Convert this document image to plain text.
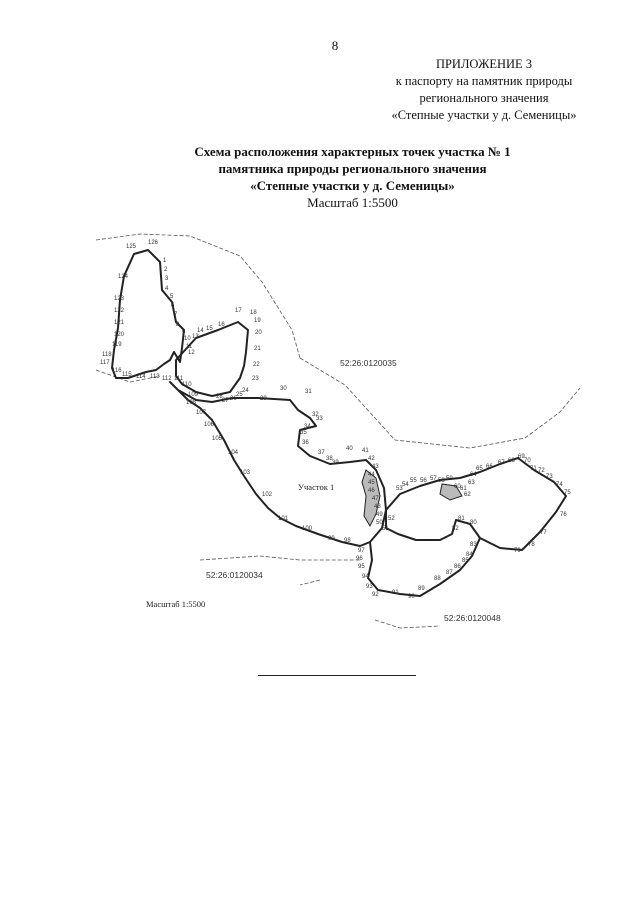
8
ПРИЛОЖЕНИЕ 3
к паспорту на памятник природы
регионального значения
«Степные участки у д. Семеницы»
Схема расположения характерных точек участка № 1
памятника природы регионального значения
«Степные участки у д. Семеницы»
Масштаб 1:5500
52:26:0120035
52:26:0120034
52:26:0120048
Участок 1
Масштаб 1:5500
1
2
3
4
5
6
7
8
9
10
11
12
13
14 15
16
17 18
19
20
21
22
23
24
25
26
27
28	29
30	31
32
33
34
35
36
37
38
39
40 41
42
43
44
45
46
47
48
49
50
51
52
53
54
55 56 57 58 59
60 61
62
63
64
65 66
67 68
69
70
71 72
73
74
75
76
77
78
79
80
81
82
83
84
85
86
87
88
89
90
91
92
93
94
95
96
97
98
99
100
101
102
103
104
105
106
107
108
109
110
111
112
113
114
115
116
117
118
119
120
121
122
123
124
125
126
